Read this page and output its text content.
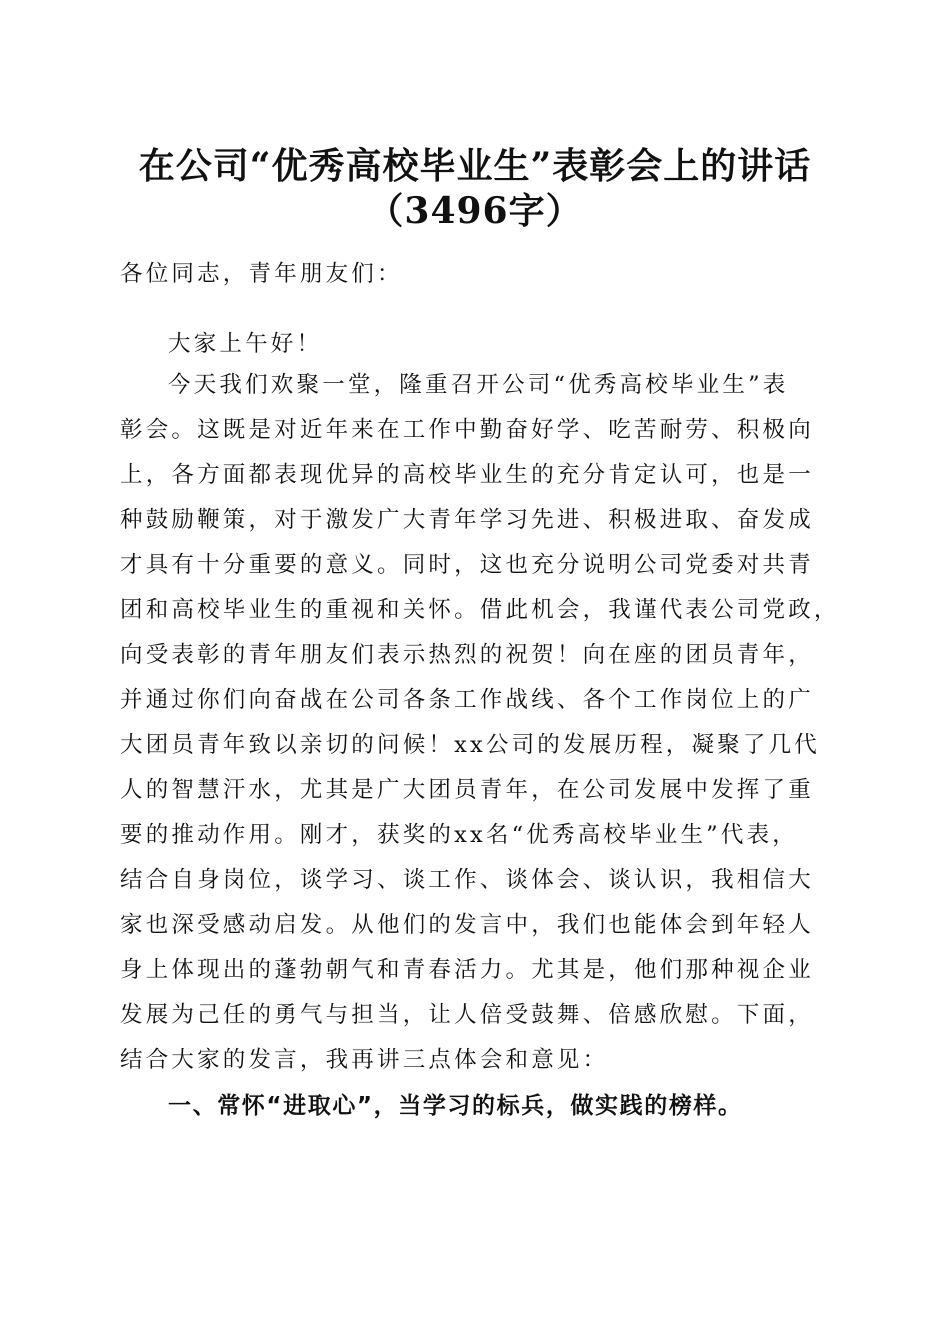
在公司“优秀高校毕业生”表彰会上的讲话
（3496字）

各位同志，青年朋友们：

大家上午好！

今天我们欢聚一堂，隆重召开公司“优秀高校毕业生”表
彰会。这既是对近年来在工作中勤奋好学、吃苦耐劳、积极向
上，各方面都表现优异的高校毕业生的充分肯定认可，也是一
种鼓励鞭策，对于激发广大青年学习先进、积极进取、奋发成
才具有十分重要的意义。同时，这也充分说明公司党委对共青
团和高校毕业生的重视和关怀。借此机会，我谨代表公司党政，
向受表彰的青年朋友们表示热烈的祝贺！向在座的团员青年，
并通过你们向奋战在公司各条工作战线、各个工作岗位上的广
大团员青年致以亲切的问候！xx公司的发展历程，凝聚了几代
人的智慧汗水，尤其是广大团员青年，在公司发展中发挥了重
要的推动作用。刚才，获奖的xx名“优秀高校毕业生”代表，
结合自身岗位，谈学习、谈工作、谈体会、谈认识，我相信大
家也深受感动启发。从他们的发言中，我们也能体会到年轻人
身上体现出的蓬勃朝气和青春活力。尤其是，他们那种视企业
发展为己任的勇气与担当，让人倍受鼓舞、倍感欣慰。下面，
结合大家的发言，我再讲三点体会和意见：
一、常怀“进取心”，当学习的标兵，做实践的榜样。
